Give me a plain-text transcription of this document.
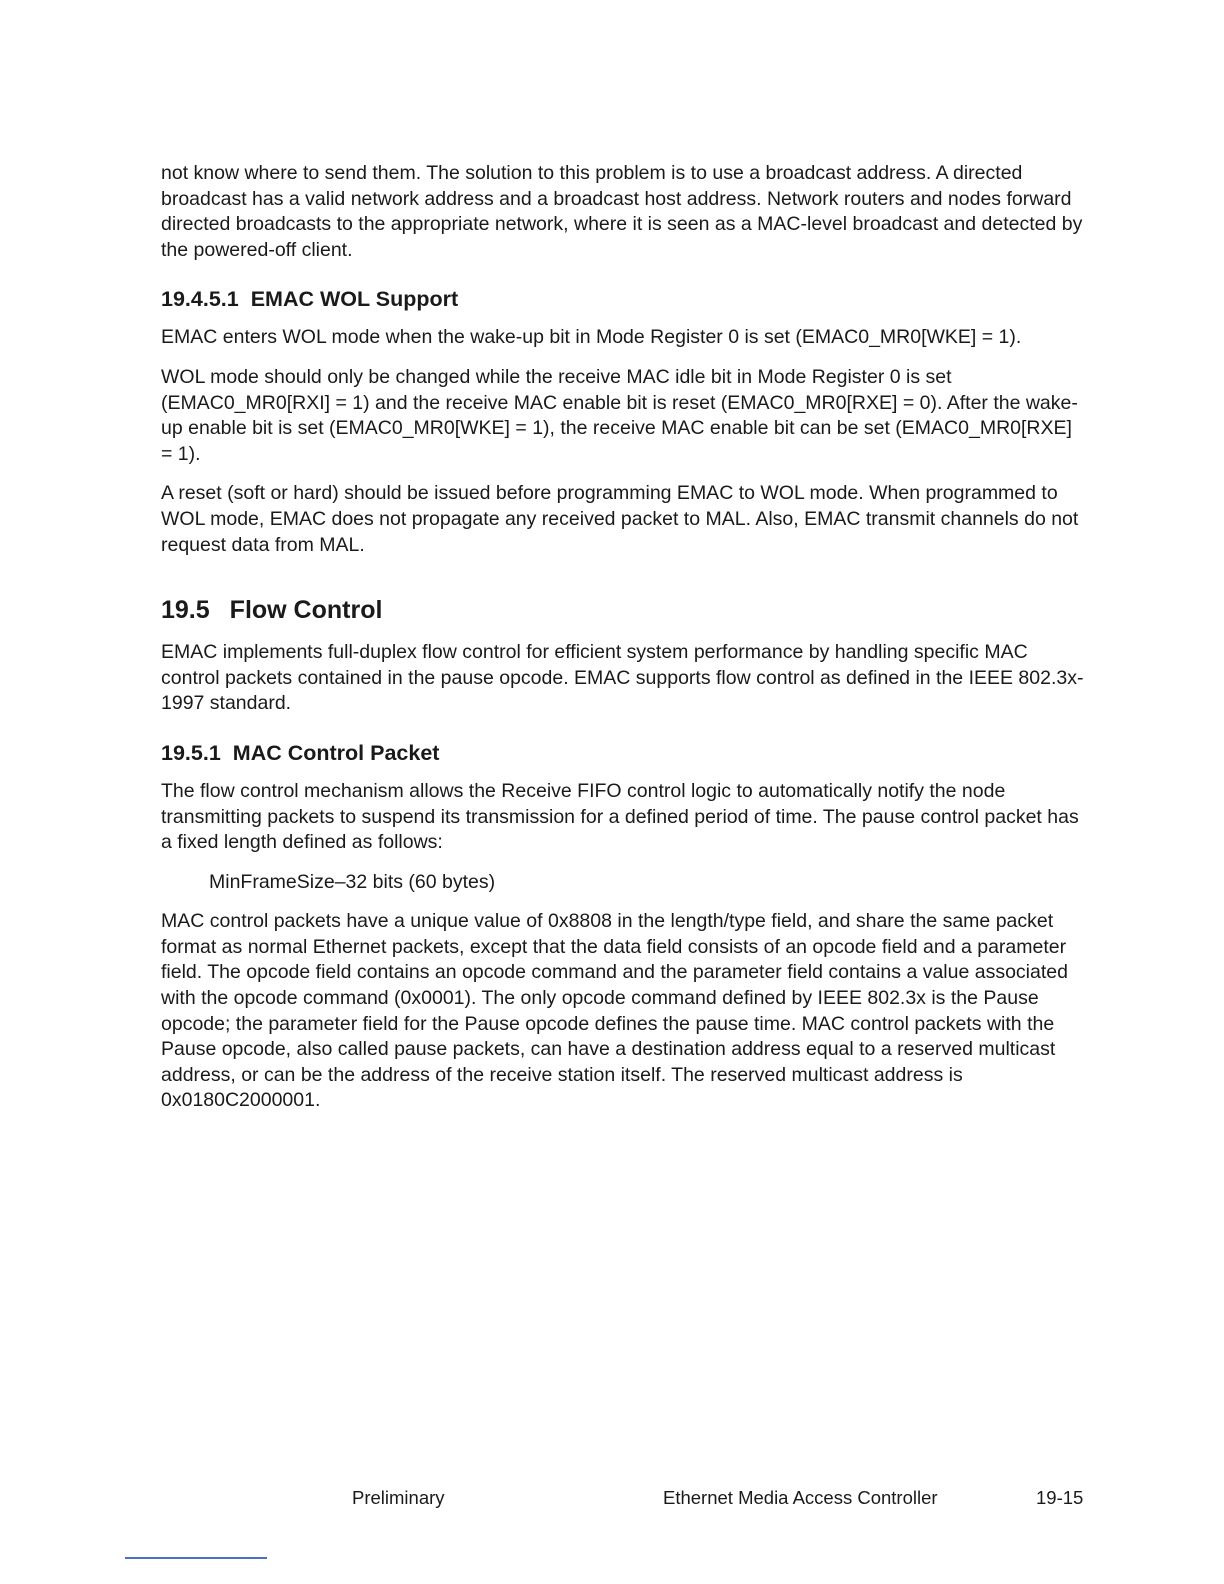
not know where to send them. The solution to this problem is to use a broadcast address. A directed broadcast has a valid network address and a broadcast host address. Network routers and nodes forward directed broadcasts to the appropriate network, where it is seen as a MAC-level broadcast and detected by the powered-off client.

19.4.5.1 EMAC WOL Support

EMAC enters WOL mode when the wake-up bit in Mode Register 0 is set (EMAC0_MR0[WKE] = 1).

WOL mode should only be changed while the receive MAC idle bit in Mode Register 0 is set (EMAC0_MR0[RXI] = 1) and the receive MAC enable bit is reset (EMAC0_MR0[RXE] = 0). After the wake-up enable bit is set (EMAC0_MR0[WKE] = 1), the receive MAC enable bit can be set (EMAC0_MR0[RXE] = 1).

A reset (soft or hard) should be issued before programming EMAC to WOL mode. When programmed to WOL mode, EMAC does not propagate any received packet to MAL. Also, EMAC transmit channels do not request data from MAL.

19.5 Flow Control

EMAC implements full-duplex flow control for efficient system performance by handling specific MAC control packets contained in the pause opcode. EMAC supports flow control as defined in the IEEE 802.3x-1997 standard.

19.5.1 MAC Control Packet

The flow control mechanism allows the Receive FIFO control logic to automatically notify the node transmitting packets to suspend its transmission for a defined period of time. The pause control packet has a fixed length defined as follows:

MinFrameSize–32 bits (60 bytes)

MAC control packets have a unique value of 0x8808 in the length/type field, and share the same packet format as normal Ethernet packets, except that the data field consists of an opcode field and a parameter field. The opcode field contains an opcode command and the parameter field contains a value associated with the opcode command (0x0001). The only opcode command defined by IEEE 802.3x is the Pause opcode; the parameter field for the Pause opcode defines the pause time. MAC control packets with the Pause opcode, also called pause packets, can have a destination address equal to a reserved multicast address, or can be the address of the receive station itself. The reserved multicast address is 0x0180C2000001.

Preliminary	Ethernet Media Access Controller	19-15
